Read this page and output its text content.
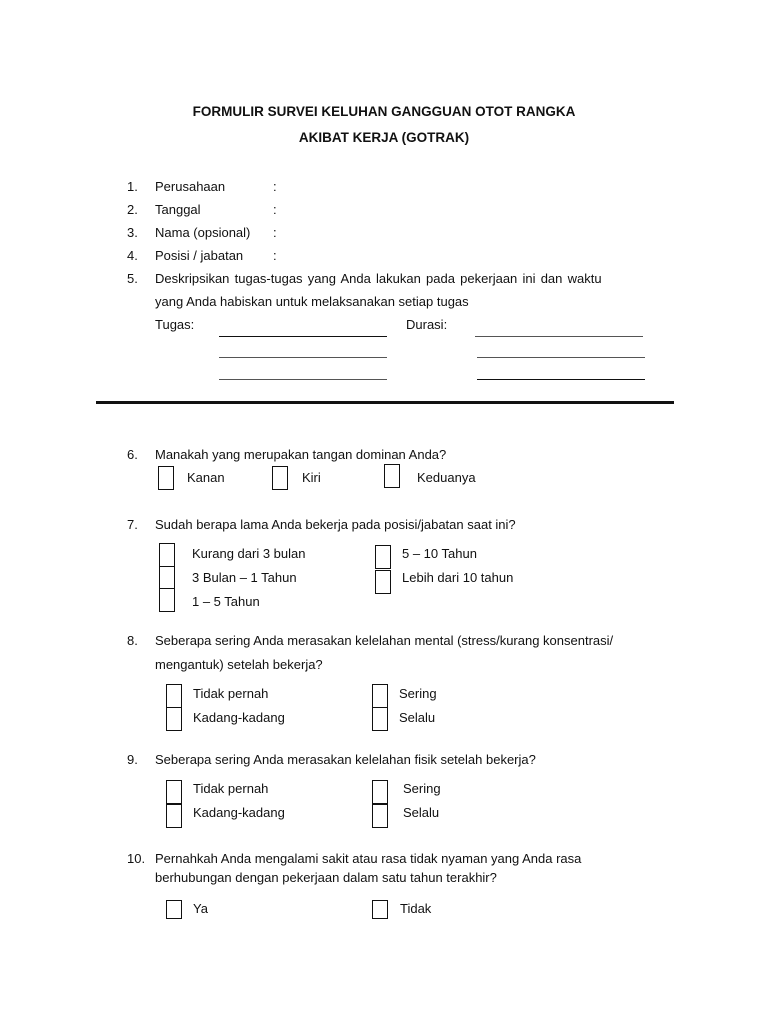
FORMULIR SURVEI KELUHAN GANGGUAN OTOT RANGKA
AKIBAT KERJA (GOTRAK)
1. Perusahaan	:
2. Tanggal	:
3. Nama (opsional) :
4. Posisi / jabatan :
5. Deskripsikan tugas-tugas yang Anda lakukan pada pekerjaan ini dan waktu
yang Anda habiskan untuk melaksanakan setiap tugas
Tugas:	Durasi:
6. Manakah yang merupakan tangan dominan Anda?
Kanan	Kiri	Keduanya
7. Sudah berapa lama Anda bekerja pada posisi/jabatan saat ini?
Kurang dari 3 bulan
3 Bulan – 1 Tahun
1 – 5 Tahun
5 – 10 Tahun
Lebih dari 10 tahun
8. Seberapa sering Anda merasakan kelelahan mental (stress/kurang konsentrasi/
mengantuk) setelah bekerja?
Tidak pernah
Kadang-kadang
Sering
Selalu
9. Seberapa sering Anda merasakan kelelahan fisik setelah bekerja?
Tidak pernah
Kadang-kadang
Sering
Selalu
10. Pernahkah Anda mengalami sakit atau rasa tidak nyaman yang Anda rasa
berhubungan dengan pekerjaan dalam satu tahun terakhir?
Ya	Tidak
